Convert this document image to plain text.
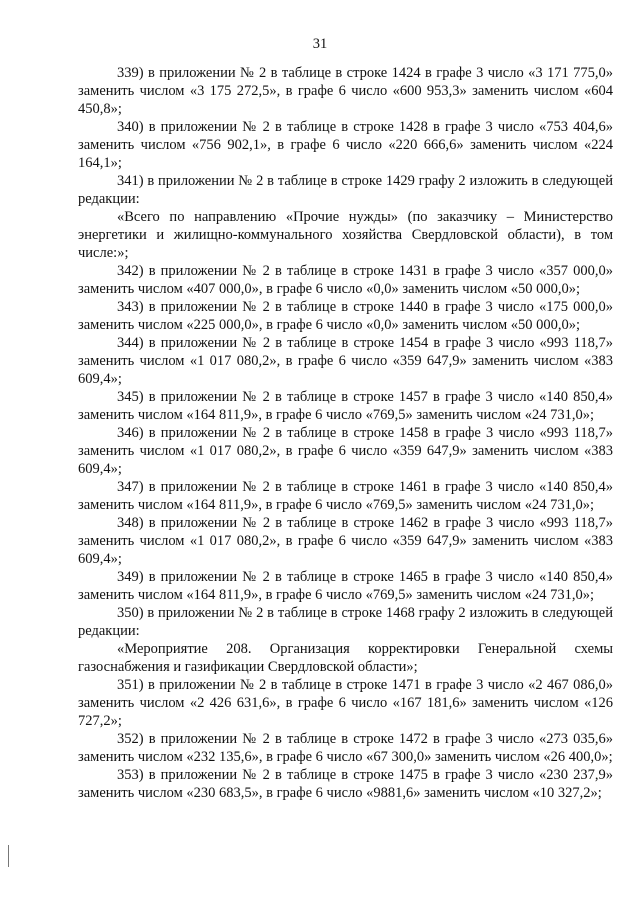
31

339) в приложении № 2 в таблице в строке 1424 в графе 3 число «3 171 775,0» заменить числом «3 175 272,5», в графе 6 число «600 953,3» заменить числом «604 450,8»;

340) в приложении № 2 в таблице в строке 1428 в графе 3 число «753 404,6» заменить числом «756 902,1», в графе 6 число «220 666,6» заменить числом «224 164,1»;

341) в приложении № 2 в таблице в строке 1429 графу 2 изложить в следующей редакции:

«Всего по направлению «Прочие нужды» (по заказчику – Министерство энергетики и жилищно-коммунального хозяйства Свердловской области), в том числе:»;

342) в приложении № 2 в таблице в строке 1431 в графе 3 число «357 000,0» заменить числом «407 000,0», в графе 6 число «0,0» заменить числом «50 000,0»;

343) в приложении № 2 в таблице в строке 1440 в графе 3 число «175 000,0» заменить числом «225 000,0», в графе 6 число «0,0» заменить числом «50 000,0»;

344) в приложении № 2 в таблице в строке 1454 в графе 3 число «993 118,7» заменить числом «1 017 080,2», в графе 6 число «359 647,9» заменить числом «383 609,4»;

345) в приложении № 2 в таблице в строке 1457 в графе 3 число «140 850,4» заменить числом «164 811,9», в графе 6 число «769,5» заменить числом «24 731,0»;

346) в приложении № 2 в таблице в строке 1458 в графе 3 число «993 118,7» заменить числом «1 017 080,2», в графе 6 число «359 647,9» заменить числом «383 609,4»;

347) в приложении № 2 в таблице в строке 1461 в графе 3 число «140 850,4» заменить числом «164 811,9», в графе 6 число «769,5» заменить числом «24 731,0»;

348) в приложении № 2 в таблице в строке 1462 в графе 3 число «993 118,7» заменить числом «1 017 080,2», в графе 6 число «359 647,9» заменить числом «383 609,4»;

349) в приложении № 2 в таблице в строке 1465 в графе 3 число «140 850,4» заменить числом «164 811,9», в графе 6 число «769,5» заменить числом «24 731,0»;

350) в приложении № 2 в таблице в строке 1468 графу 2 изложить в следующей редакции:

«Мероприятие 208. Организация корректировки Генеральной схемы газоснабжения и газификации Свердловской области»;

351) в приложении № 2 в таблице в строке 1471 в графе 3 число «2 467 086,0» заменить числом «2 426 631,6», в графе 6 число «167 181,6» заменить числом «126 727,2»;

352) в приложении № 2 в таблице в строке 1472 в графе 3 число «273 035,6» заменить числом «232 135,6», в графе 6 число «67 300,0» заменить числом «26 400,0»;

353) в приложении № 2 в таблице в строке 1475 в графе 3 число «230 237,9» заменить числом «230 683,5», в графе 6 число «9881,6» заменить числом «10 327,2»;
